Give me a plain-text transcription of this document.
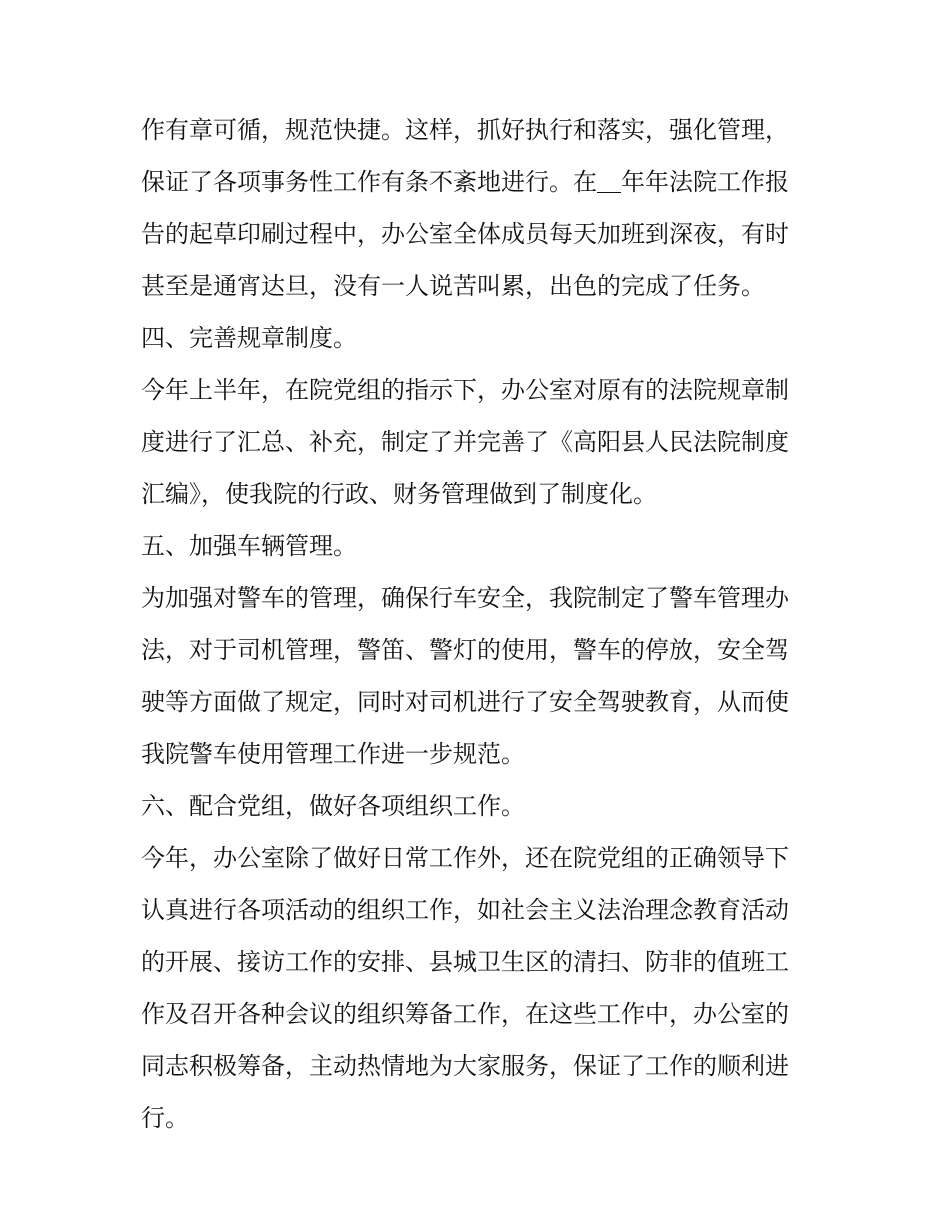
作有章可循，规范快捷。这样，抓好执行和落实，强化管理，

保证了各项事务性工作有条不紊地进行。在＿年年法院工作报

告的起草印刷过程中，办公室全体成员每天加班到深夜，有时

甚至是通宵达旦，没有一人说苦叫累，出色的完成了任务。

四、完善规章制度。

今年上半年，在院党组的指示下，办公室对原有的法院规章制

度进行了汇总、补充，制定了并完善了《高阳县人民法院制度

汇编》，使我院的行政、财务管理做到了制度化。

五、加强车辆管理。

为加强对警车的管理，确保行车安全，我院制定了警车管理办

法，对于司机管理，警笛、警灯的使用，警车的停放，安全驾

驶等方面做了规定，同时对司机进行了安全驾驶教育，从而使

我院警车使用管理工作进一步规范。

六、配合党组，做好各项组织工作。

今年，办公室除了做好日常工作外，还在院党组的正确领导下

认真进行各项活动的组织工作，如社会主义法治理念教育活动

的开展、接访工作的安排、县城卫生区的清扫、防非的值班工

作及召开各种会议的组织筹备工作，在这些工作中，办公室的

同志积极筹备，主动热情地为大家服务，保证了工作的顺利进

行。
